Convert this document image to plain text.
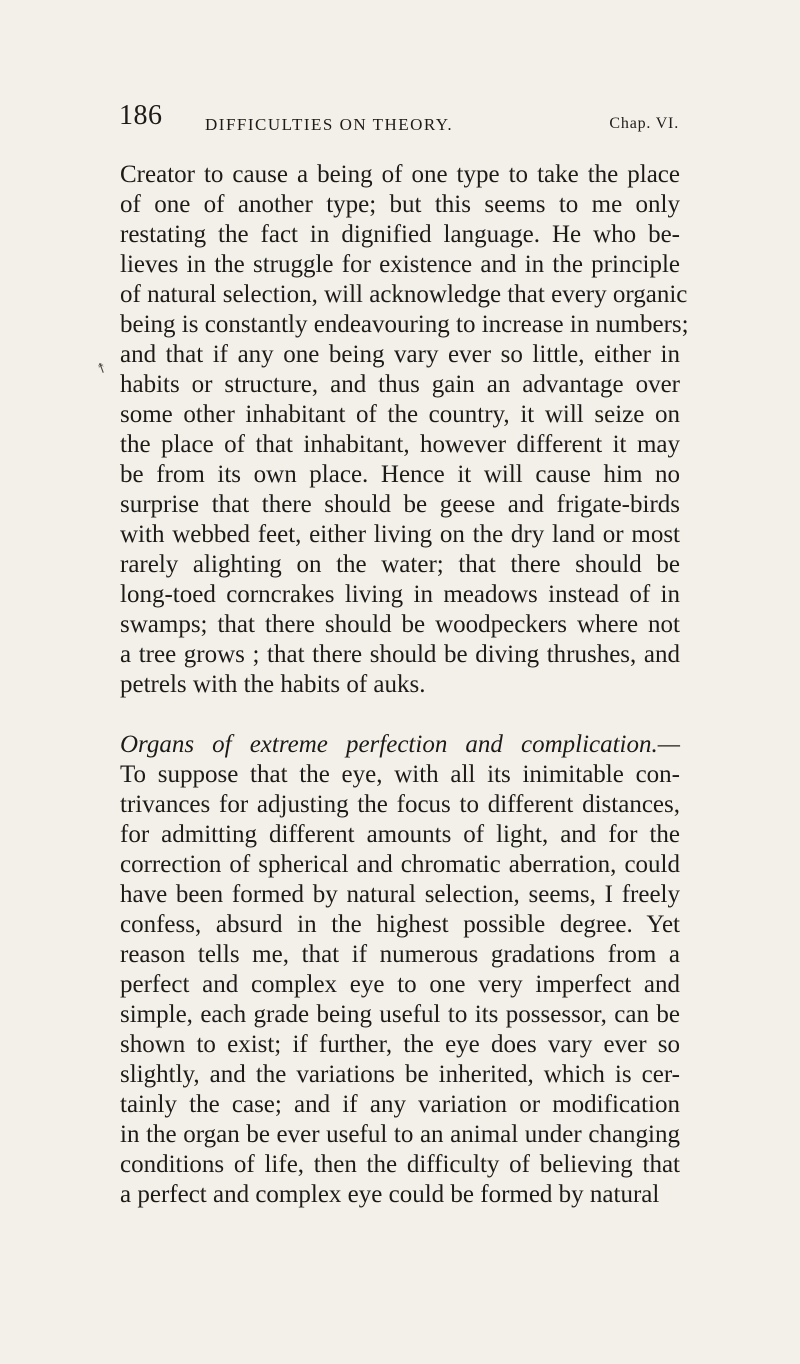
186	DIFFICULTIES ON THEORY.	Chap. VI.
↟
Creator to cause a being of one type to take the place
of one of another type; but this seems to me only
restating the fact in dignified language. He who be-
lieves in the struggle for existence and in the principle
of natural selection, will acknowledge that every organic
being is constantly endeavouring to increase in numbers;
and that if any one being vary ever so little, either in
habits or structure, and thus gain an advantage over
some other inhabitant of the country, it will seize on
the place of that inhabitant, however different it may
be from its own place. Hence it will cause him no
surprise that there should be geese and frigate-birds
with webbed feet, either living on the dry land or most
rarely alighting on the water; that there should be
long-toed corncrakes living in meadows instead of in
swamps; that there should be woodpeckers where not
a tree grows ; that there should be diving thrushes, and
petrels with the habits of auks.
Organs of extreme perfection and complication.—
To suppose that the eye, with all its inimitable con-
trivances for adjusting the focus to different distances,
for admitting different amounts of light, and for the
correction of spherical and chromatic aberration, could
have been formed by natural selection, seems, I freely
confess, absurd in the highest possible degree. Yet
reason tells me, that if numerous gradations from a
perfect and complex eye to one very imperfect and
simple, each grade being useful to its possessor, can be
shown to exist; if further, the eye does vary ever so
slightly, and the variations be inherited, which is cer-
tainly the case; and if any variation or modification
in the organ be ever useful to an animal under changing
conditions of life, then the difficulty of believing that
a perfect and complex eye could be formed by natural
